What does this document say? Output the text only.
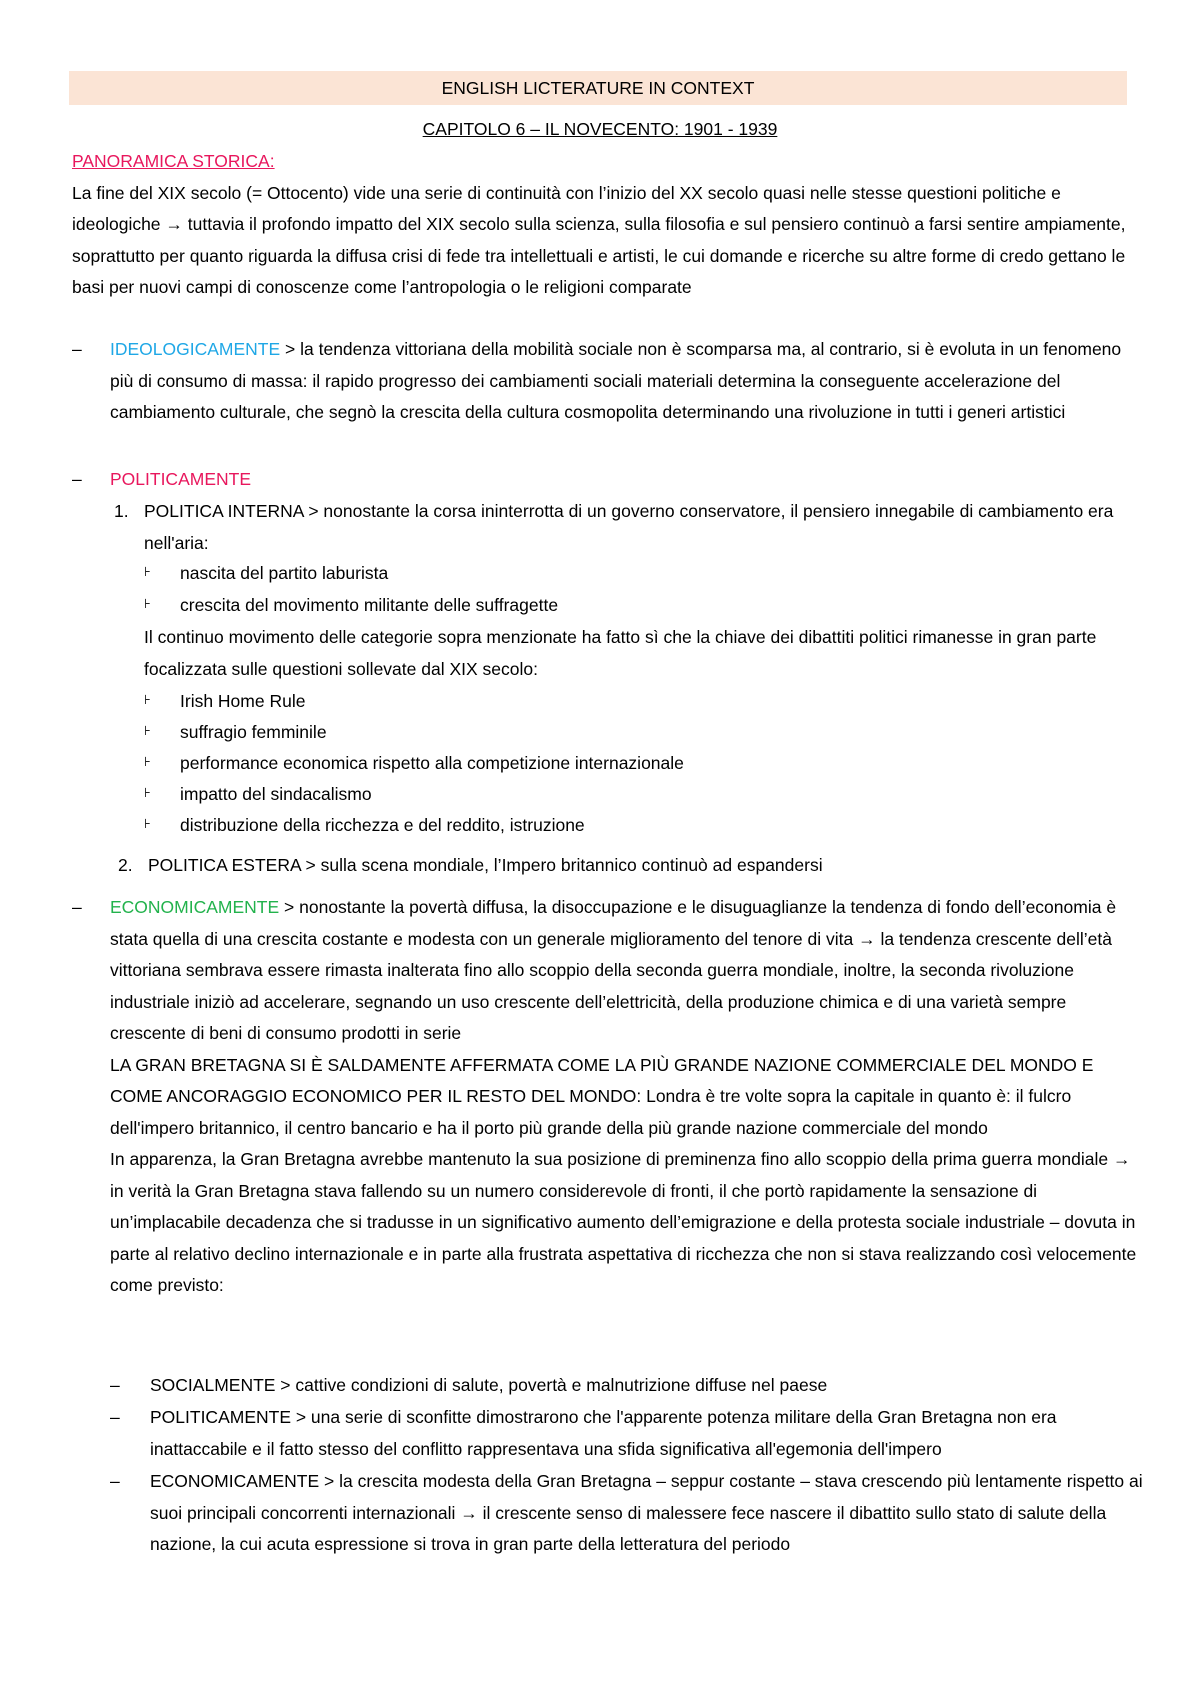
ENGLISH LICTERATURE IN CONTEXT
CAPITOLO 6 – IL NOVECENTO: 1901 - 1939
PANORAMICA STORICA:
La fine del XIX secolo (= Ottocento) vide una serie di continuità con l’inizio del XX secolo quasi nelle stesse questioni politiche e ideologiche → tuttavia il profondo impatto del XIX secolo sulla scienza, sulla filosofia e sul pensiero continuò a farsi sentire ampiamente, soprattutto per quanto riguarda la diffusa crisi di fede tra intellettuali e artisti, le cui domande e ricerche su altre forme di credo gettano le basi per nuovi campi di conoscenze come l’antropologia o le religioni comparate
–	IDEOLOGICAMENTE > la tendenza vittoriana della mobilità sociale non è scomparsa ma, al contrario, si è evoluta in un fenomeno più di consumo di massa: il rapido progresso dei cambiamenti sociali materiali determina la conseguente accelerazione del cambiamento culturale, che segnò la crescita della cultura cosmopolita determinando una rivoluzione in tutti i generi artistici
–	POLITICAMENTE
1. POLITICA INTERNA > nonostante la corsa ininterrotta di un governo conservatore, il pensiero innegabile di cambiamento era nell'aria:
⊦ nascita del partito laburista
⊦ crescita del movimento militante delle suffragette
Il continuo movimento delle categorie sopra menzionate ha fatto sì che la chiave dei dibattiti politici rimanesse in gran parte focalizzata sulle questioni sollevate dal XIX secolo:
⊦ Irish Home Rule
⊦ suffragio femminile
⊦ performance economica rispetto alla competizione internazionale
⊦ impatto del sindacalismo
⊦ distribuzione della ricchezza e del reddito, istruzione
2. POLITICA ESTERA > sulla scena mondiale, l’Impero britannico continuò ad espandersi
–	ECONOMICAMENTE > nonostante la povertà diffusa, la disoccupazione e le disuguaglianze la tendenza di fondo dell’economia è stata quella di una crescita costante e modesta con un generale miglioramento del tenore di vita → la tendenza crescente dell’età vittoriana sembrava essere rimasta inalterata fino allo scoppio della seconda guerra mondiale, inoltre, la seconda rivoluzione industriale iniziò ad accelerare, segnando un uso crescente dell’elettricità, della produzione chimica e di una varietà sempre crescente di beni di consumo prodotti in serie
LA GRAN BRETAGNA SI È SALDAMENTE AFFERMATA COME LA PIÙ GRANDE NAZIONE COMMERCIALE DEL MONDO E COME ANCORAGGIO ECONOMICO PER IL RESTO DEL MONDO: Londra è tre volte sopra la capitale in quanto è: il fulcro dell'impero britannico, il centro bancario e ha il porto più grande della più grande nazione commerciale del mondo
In apparenza, la Gran Bretagna avrebbe mantenuto la sua posizione di preminenza fino allo scoppio della prima guerra mondiale → in verità la Gran Bretagna stava fallendo su un numero considerevole di fronti, il che portò rapidamente la sensazione di un’implacabile decadenza che si tradusse in un significativo aumento dell’emigrazione e della protesta sociale industriale – dovuta in parte al relativo declino internazionale e in parte alla frustrata aspettativa di ricchezza che non si stava realizzando così velocemente come previsto:
–	SOCIALMENTE > cattive condizioni di salute, povertà e malnutrizione diffuse nel paese
–	POLITICAMENTE > una serie di sconfitte dimostrarono che l'apparente potenza militare della Gran Bretagna non era inattaccabile e il fatto stesso del conflitto rappresentava una sfida significativa all'egemonia dell'impero
–	ECONOMICAMENTE > la crescita modesta della Gran Bretagna – seppur costante – stava crescendo più lentamente rispetto ai suoi principali concorrenti internazionali → il crescente senso di malessere fece nascere il dibattito sullo stato di salute della nazione, la cui acuta espressione si trova in gran parte della letteratura del periodo
